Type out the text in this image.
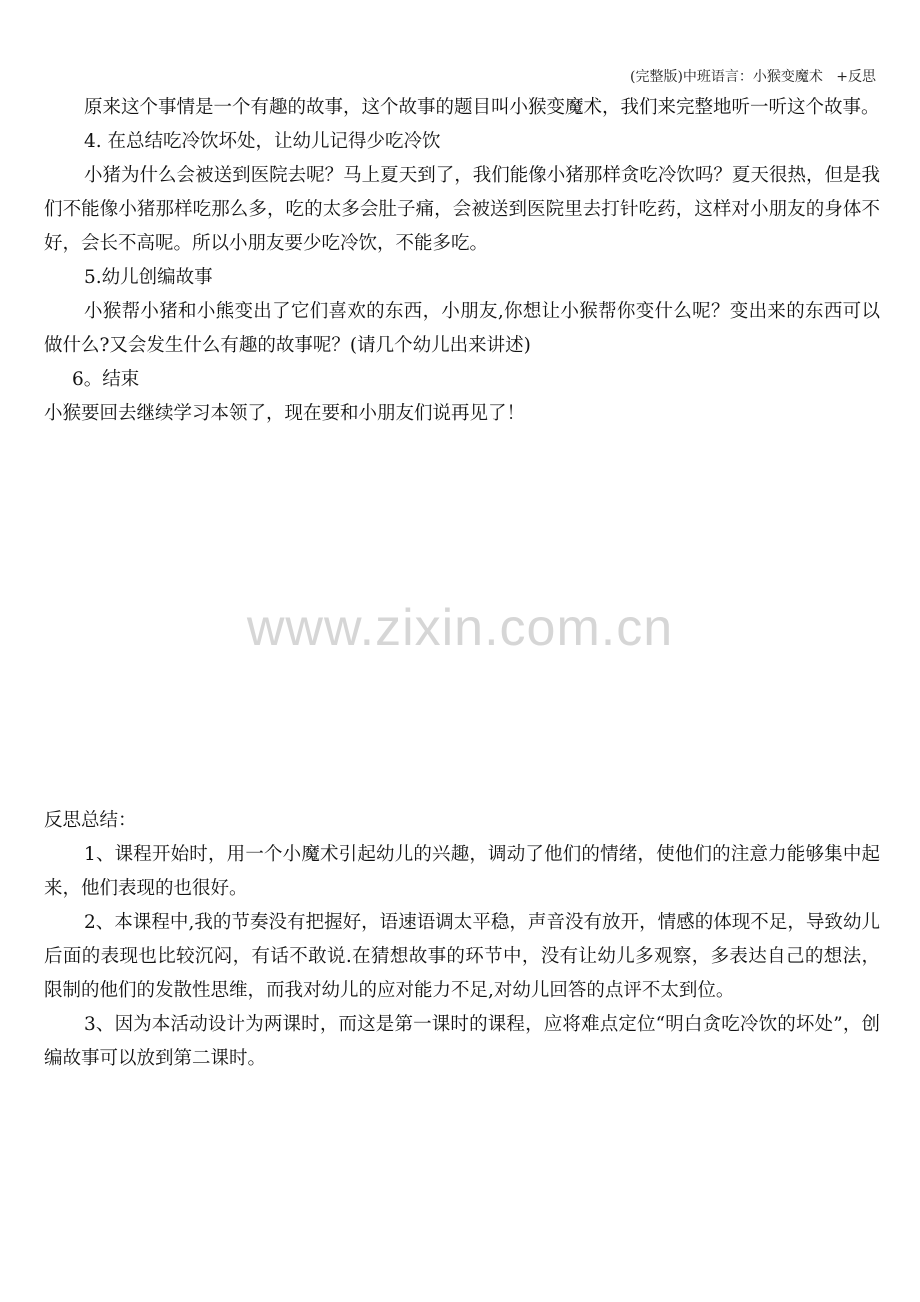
(完整版)中班语言：小猴变魔术   +反思

原来这个事情是一个有趣的故事，这个故事的题目叫小猴变魔术，我们来完整地听一听这个故事。

4. 在总结吃冷饮坏处，让幼儿记得少吃冷饮

小猪为什么会被送到医院去呢？马上夏天到了，我们能像小猪那样贪吃冷饮吗？夏天很热，但是我们不能像小猪那样吃那么多，吃的太多会肚子痛，会被送到医院里去打针吃药，这样对小朋友的身体不好，会长不高呢。所以小朋友要少吃冷饮，不能多吃。

5.幼儿创编故事

小猴帮小猪和小熊变出了它们喜欢的东西，小朋友,你想让小猴帮你变什么呢？变出来的东西可以做什么?又会发生什么有趣的故事呢？(请几个幼儿出来讲述)

6。结束

小猴要回去继续学习本领了，现在要和小朋友们说再见了！

www.zixin.com.cn

反思总结：

1、课程开始时，用一个小魔术引起幼儿的兴趣，调动了他们的情绪，使他们的注意力能够集中起来，他们表现的也很好。

2、本课程中,我的节奏没有把握好，语速语调太平稳，声音没有放开，情感的体现不足，导致幼儿后面的表现也比较沉闷，有话不敢说.在猜想故事的环节中，没有让幼儿多观察，多表达自己的想法，限制的他们的发散性思维，而我对幼儿的应对能力不足,对幼儿回答的点评不太到位。

3、因为本活动设计为两课时，而这是第一课时的课程，应将难点定位“明白贪吃冷饮的坏处”，创编故事可以放到第二课时。
